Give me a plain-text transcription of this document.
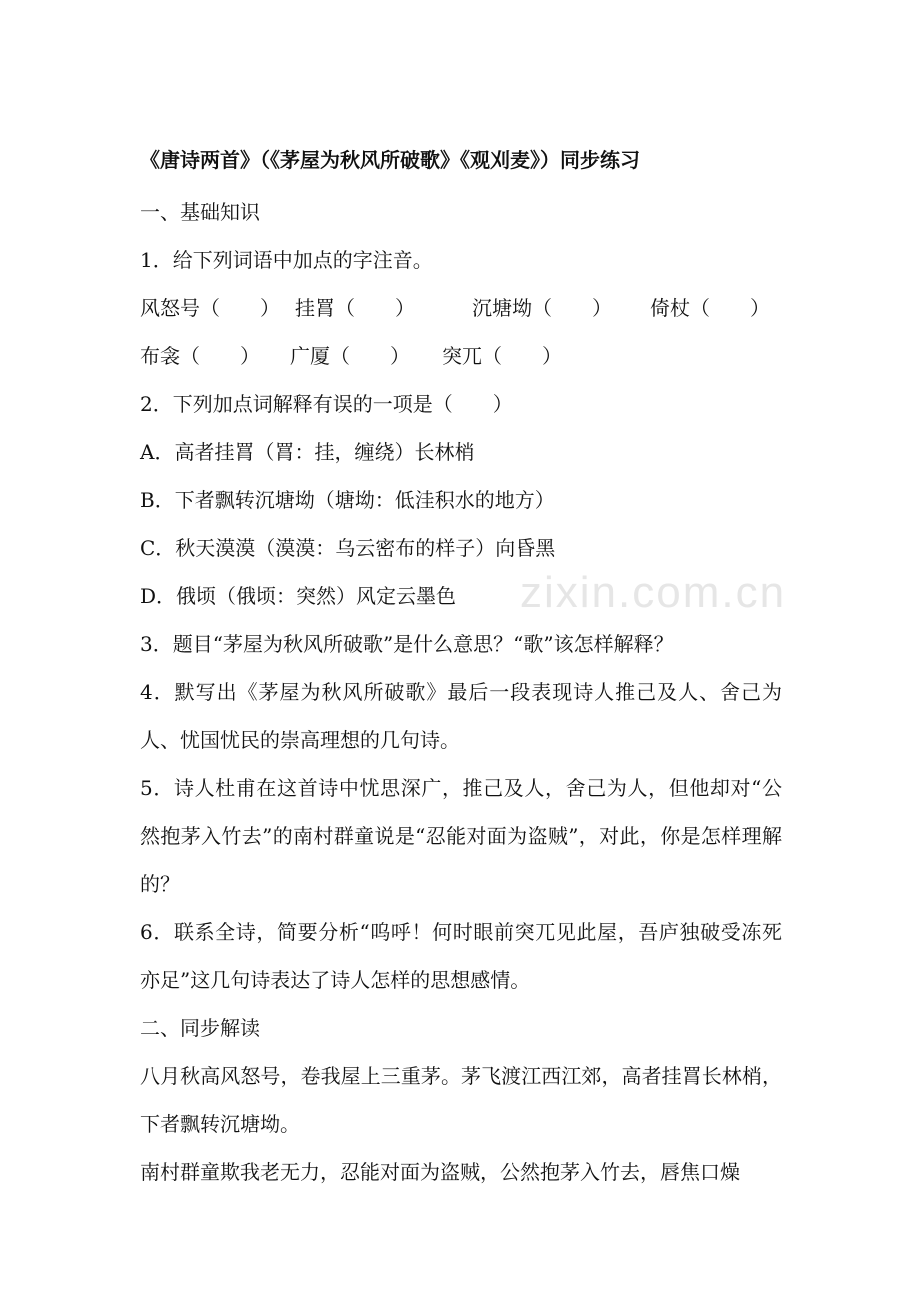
zixin.com.cn
《唐诗两首》（《茅屋为秋风所破歌》《观刈麦》）同步练习
一、基础知识
1．给下列词语中加点的字注音。
风怒号（　　） 挂罥（　　）	沉塘坳（　　） 倚杖（　　）
布衾（　　） 广厦（　　） 突兀（　　）
2．下列加点词解释有误的一项是（　　）
A．高者挂罥（罥：挂，缠绕）长林梢
B．下者飘转沉塘坳（塘坳：低洼积水的地方）
C．秋天漠漠（漠漠：乌云密布的样子）向昏黑
D．俄顷（俄顷：突然）风定云墨色
3．题目“茅屋为秋风所破歌”是什么意思？“歌”该怎样解释？
4．默写出《茅屋为秋风所破歌》最后一段表现诗人推己及人、舍己为人、忧国忧民的崇高理想的几句诗。
5．诗人杜甫在这首诗中忧思深广，推己及人，舍己为人，但他却对“公然抱茅入竹去”的南村群童说是“忍能对面为盗贼”，对此，你是怎样理解的？
6．联系全诗，简要分析“呜呼！何时眼前突兀见此屋，吾庐独破受冻死亦足”这几句诗表达了诗人怎样的思想感情。
二、同步解读
八月秋高风怒号，卷我屋上三重茅。茅飞渡江西江郊，高者挂罥长林梢，下者飘转沉塘坳。
南村群童欺我老无力，忍能对面为盗贼，公然抱茅入竹去，唇焦口燥
